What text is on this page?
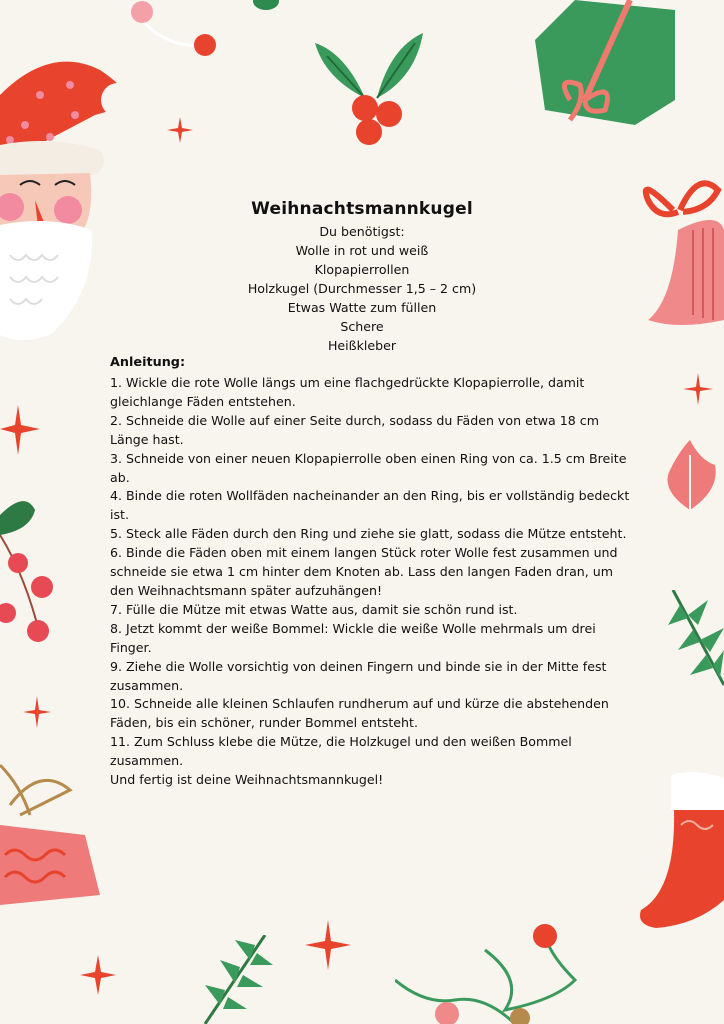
Weihnachtsmannkugel
Du benötigst:
Wolle in rot und weiß
Klopapierrollen
Holzkugel (Durchmesser 1,5 – 2 cm)
Etwas Watte zum füllen
Schere
Heißkleber
Anleitung:
1. Wickle die rote Wolle längs um eine flachgedrückte Klopapierrolle, damit gleichlange Fäden entstehen.
2. Schneide die Wolle auf einer Seite durch, sodass du Fäden von etwa 18 cm Länge hast.
3. Schneide von einer neuen Klopapierrolle oben einen Ring von ca. 1.5 cm Breite ab.
4. Binde die roten Wollfäden nacheinander an den Ring, bis er vollständig bedeckt ist.
5. Steck alle Fäden durch den Ring und ziehe sie glatt, sodass die Mütze entsteht.
6. Binde die Fäden oben mit einem langen Stück roter Wolle fest zusammen und schneide sie etwa 1 cm hinter dem Knoten ab. Lass den langen Faden dran, um den Weihnachtsmann später aufzuhängen!
7. Fülle die Mütze mit etwas Watte aus, damit sie schön rund ist.
8. Jetzt kommt der weiße Bommel: Wickle die weiße Wolle mehrmals um drei Finger.
9. Ziehe die Wolle vorsichtig von deinen Fingern und binde sie in der Mitte fest zusammen.
10. Schneide alle kleinen Schlaufen rundherum auf und kürze die abstehenden Fäden, bis ein schöner, runder Bommel entsteht.
11. Zum Schluss klebe die Mütze, die Holzkugel und den weißen Bommel zusammen.
Und fertig ist deine Weihnachtsmannkugel!
